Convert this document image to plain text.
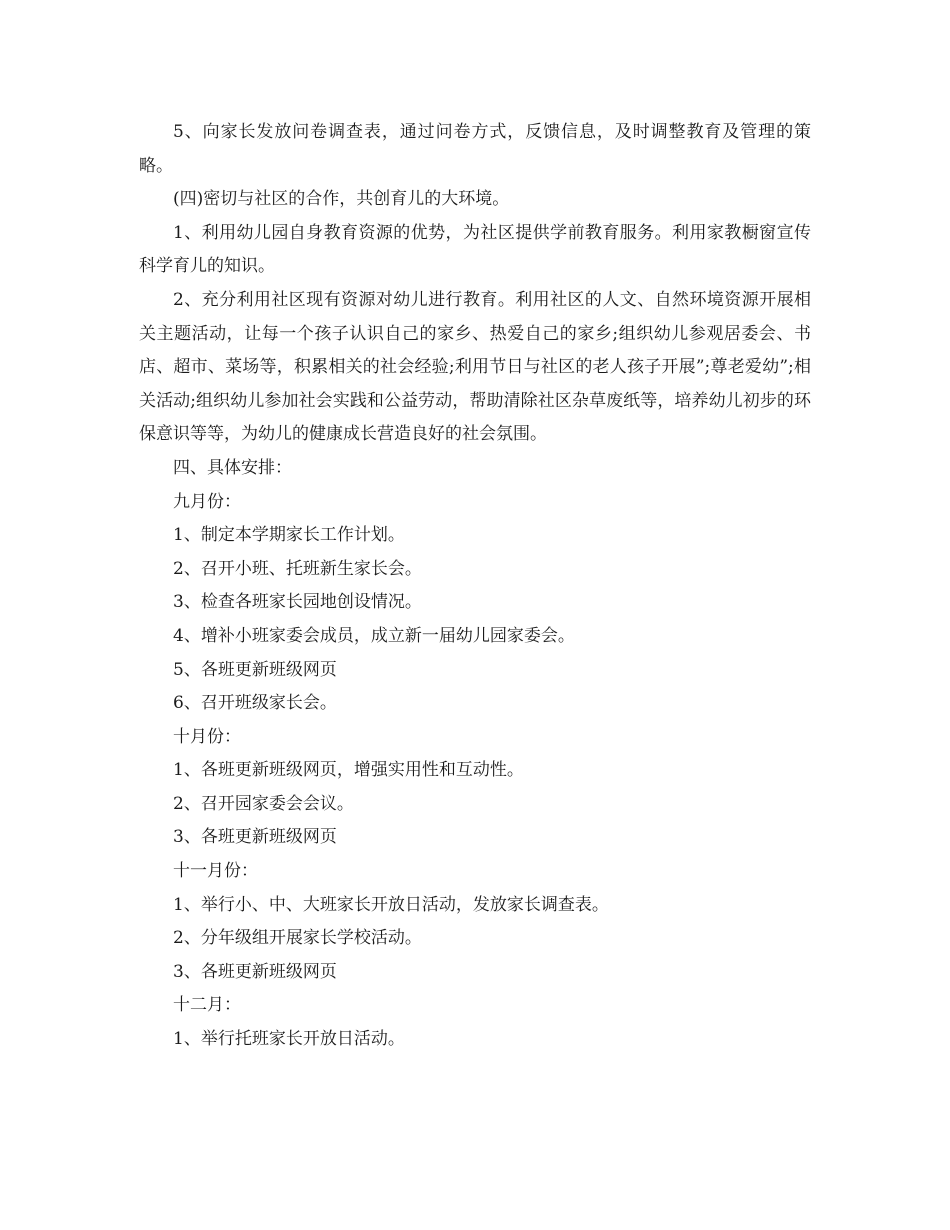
5、向家长发放问卷调查表，通过问卷方式，反馈信息，及时调整教育及管理的策略。

(四)密切与社区的合作，共创育儿的大环境。

1、利用幼儿园自身教育资源的优势，为社区提供学前教育服务。利用家教橱窗宣传科学育儿的知识。

2、充分利用社区现有资源对幼儿进行教育。利用社区的人文、自然环境资源开展相关主题活动，让每一个孩子认识自己的家乡、热爱自己的家乡;组织幼儿参观居委会、书店、超市、菜场等，积累相关的社会经验;利用节日与社区的老人孩子开展”;尊老爱幼”;相关活动;组织幼儿参加社会实践和公益劳动，帮助清除社区杂草废纸等，培养幼儿初步的环保意识等等，为幼儿的健康成长营造良好的社会氛围。

四、具体安排：

九月份：

1、制定本学期家长工作计划。

2、召开小班、托班新生家长会。

3、检查各班家长园地创设情况。

4、增补小班家委会成员，成立新一届幼儿园家委会。

5、各班更新班级网页

6、召开班级家长会。

十月份：

1、各班更新班级网页，增强实用性和互动性。

2、召开园家委会会议。

3、各班更新班级网页

十一月份：

1、举行小、中、大班家长开放日活动，发放家长调查表。

2、分年级组开展家长学校活动。

3、各班更新班级网页

十二月：

1、举行托班家长开放日活动。
